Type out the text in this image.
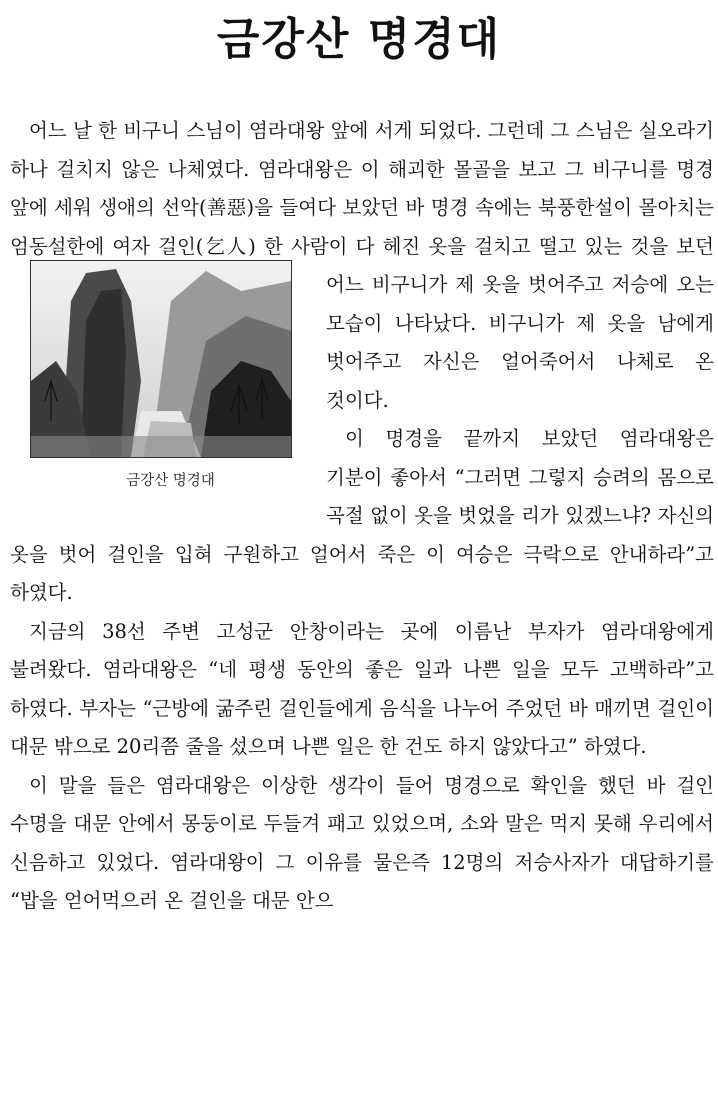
금강산 명경대

어느 날 한 비구니 스님이 염라대왕 앞에 서게 되었다. 그런데 그 스님은 실오라기 하나 걸치지 않은 나체였다. 염라대왕은 이 해괴한 몰골을 보고 그 비구니를 명경 앞에 세워 생애의 선악(善惡)을 들여다 보았던 바 명경 속에는 북풍한설이 몰아치는 엄동설한에 여자 걸인(乞人) 한
금강산 명경대
사람이 다 헤진 옷을 걸치고 떨고 있는 것을 보던 어느 비구니가 제 옷을 벗어주고 저승에 오는 모습이 나타났다. 비구니가 제 옷을 남에게 벗어주고 자신은 얼어죽어서 나체로 온 것이다.

이 명경을 끝까지 보았던 염라대왕은 기분이 좋아서 “그러면 그렇지 승려의 몸으로 곡절 없이 옷을 벗었을 리가 있겠느냐? 자신의 옷을 벗어 걸인을 입혀 구원하고 얼어서 죽은 이 여승은 극락으로 안내하라”고 하였다.

지금의 38선 주변 고성군 안창이라는 곳에 이름난 부자가 염라대왕에게 불려왔다. 염라대왕은 “네 평생 동안의 좋은 일과 나쁜 일을 모두 고백하라”고 하였다. 부자는 “근방에 굶주린 걸인들에게 음식을 나누어 주었던 바 매끼면 걸인이 대문 밖으로 20리쯤 줄을 섰으며 나쁜 일은 한 건도 하지 않았다고” 하였다.

이 말을 들은 염라대왕은 이상한 생각이 들어 명경으로 확인을 했던 바 걸인 수명을 대문 안에서 몽둥이로 두들겨 패고 있었으며, 소와 말은 먹지 못해 우리에서 신음하고 있었다. 염라대왕이 그 이유를 물은즉 12명의 저승사자가 대답하기를 “밥을 얻어먹으러 온 걸인을 대문 안으
